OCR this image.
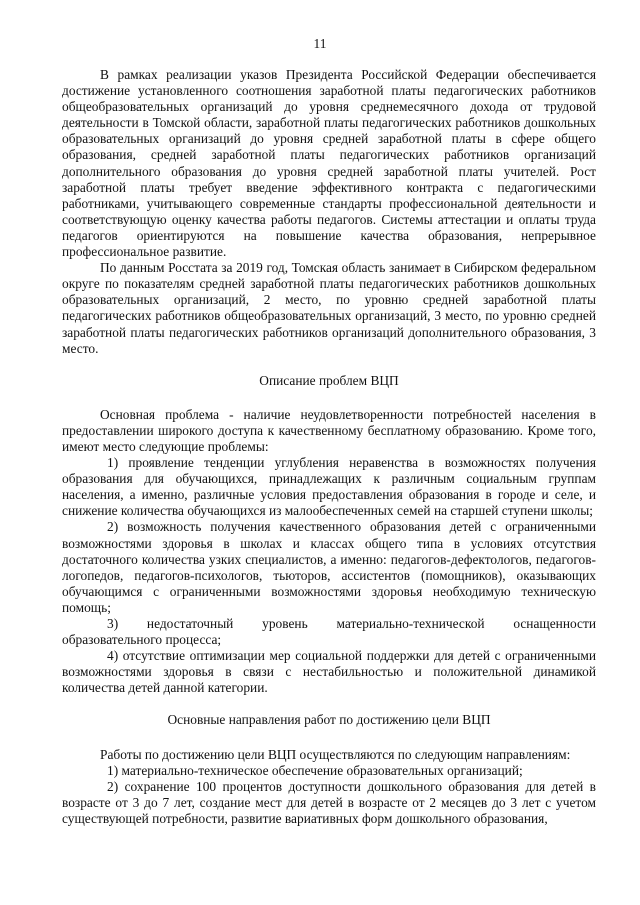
11

В рамках реализации указов Президента Российской Федерации обеспечивается достижение установленного соотношения заработной платы педагогических работников общеобразовательных организаций до уровня среднемесячного дохода от трудовой деятельности в Томской области, заработной платы педагогических работников дошкольных образовательных организаций до уровня средней заработной платы в сфере общего образования, средней заработной платы педагогических работников организаций дополнительного образования до уровня средней заработной платы учителей. Рост заработной платы требует введение эффективного контракта с педагогическими работниками, учитывающего современные стандарты профессиональной деятельности и соответствующую оценку качества работы педагогов. Системы аттестации и оплаты труда педагогов ориентируются на повышение качества образования, непрерывное профессиональное развитие.

По данным Росстата за 2019 год, Томская область занимает в Сибирском федеральном округе по показателям средней заработной платы педагогических работников дошкольных образовательных организаций, 2 место, по уровню средней заработной платы педагогических работников общеобразовательных организаций, 3 место, по уровню средней заработной платы педагогических работников организаций дополнительного образования, 3 место.

Описание проблем ВЦП

Основная проблема - наличие неудовлетворенности потребностей населения в предоставлении широкого доступа к качественному бесплатному образованию. Кроме того, имеют место следующие проблемы:

1) проявление тенденции углубления неравенства в возможностях получения образования для обучающихся, принадлежащих к различным социальным группам населения, а именно, различные условия предоставления образования в городе и селе, и снижение количества обучающихся из малообеспеченных семей на старшей ступени школы;

2) возможность получения качественного образования детей с ограниченными возможностями здоровья в школах и классах общего типа в условиях отсутствия достаточного количества узких специалистов, а именно: педагогов-дефектологов, педагогов-логопедов, педагогов-психологов, тьюторов, ассистентов (помощников), оказывающих обучающимся с ограниченными возможностями здоровья необходимую техническую помощь;

3) недостаточный уровень материально-технической оснащенности образовательного процесса;

4) отсутствие оптимизации мер социальной поддержки для детей с ограниченными возможностями здоровья в связи с нестабильностью и положительной динамикой количества детей данной категории.

Основные направления работ по достижению цели ВЦП

Работы по достижению цели ВЦП осуществляются по следующим направлениям:

1) материально-техническое обеспечение образовательных организаций;

2) сохранение 100 процентов доступности дошкольного образования для детей в возрасте от 3 до 7 лет, создание мест для детей в возрасте от 2 месяцев до 3 лет с учетом существующей потребности, развитие вариативных форм дошкольного образования,
